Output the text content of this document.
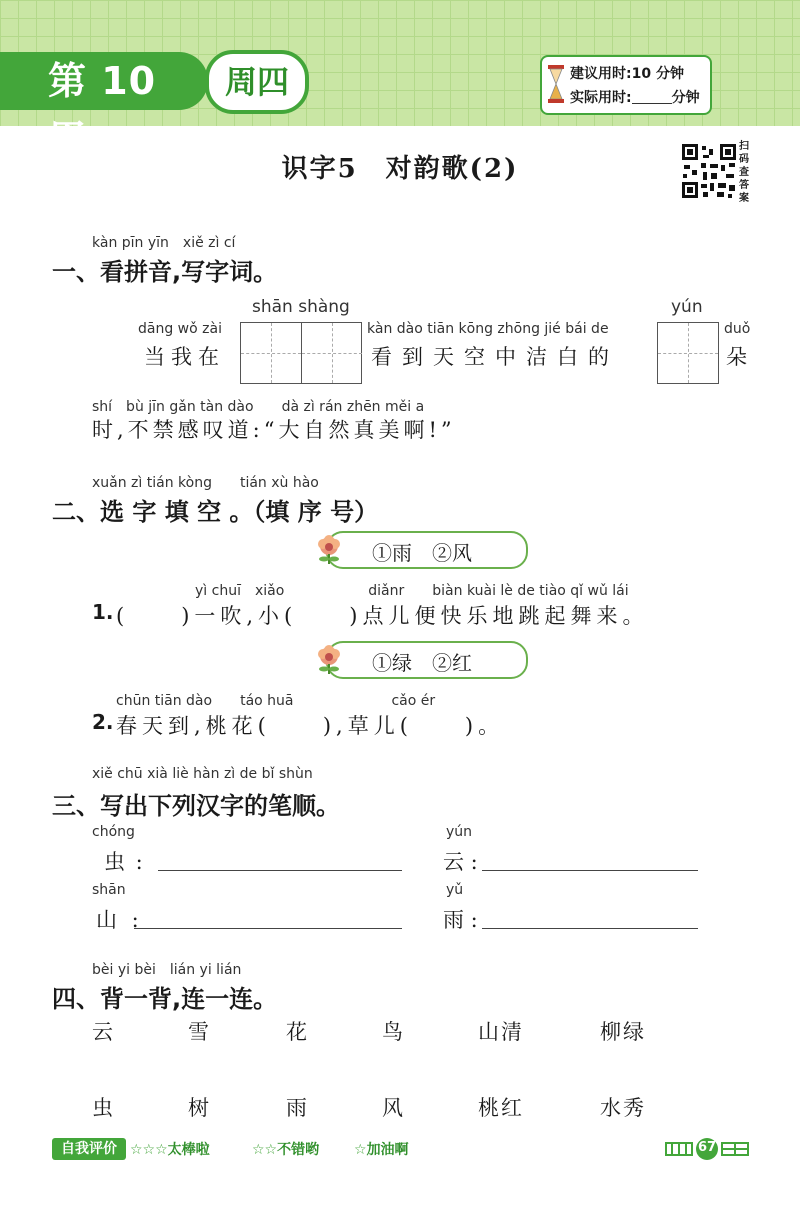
第 10 周
周四	建议用时:10 分钟
实际用时:	分钟
识字5　对韵歌(2)
扫码查答案
kàn pīn yīn　xiě zì cí
一、看拼音,写字词。
shān shàng	yún
dāng wǒ zài
当我在
kàn dào tiān kōng zhōng jié bái de
看到天空中洁白的
duǒ
朵
shí　bù jīn gǎn tàn dào　　dà zì rán zhēn měi a
时,不禁感叹道:“大自然真美啊!”
xuǎn zì tián kòng　　tián xù hào
二、选 字 填 空 。（填 序 号）
①雨　②风
yì chuī　xiǎo　　　　　　diǎnr　　biàn kuài lè de tiào qǐ wǔ lái
1. (　　)一吹,小(　　)点儿便快乐地跳起舞来。
①绿　②红
chūn tiān dào　　táo huā　　　　　　　cǎo ér
2. 春天到,桃花(　　),草儿(　　)。
xiě chū xià liè hàn zì de bǐ shùn
三、写出下列汉字的笔顺。
chóng
虫 :
yún
云 :
shān
山 :
yǔ
雨 :
bèi yi bèi　lián yi lián
四、背一背,连一连。
云	雪	花	鸟	山清	柳绿
虫	树	雨	风	桃红	水秀
自我评价 ☆☆☆太棒啦	☆☆不错哟 ☆加油啊	67
